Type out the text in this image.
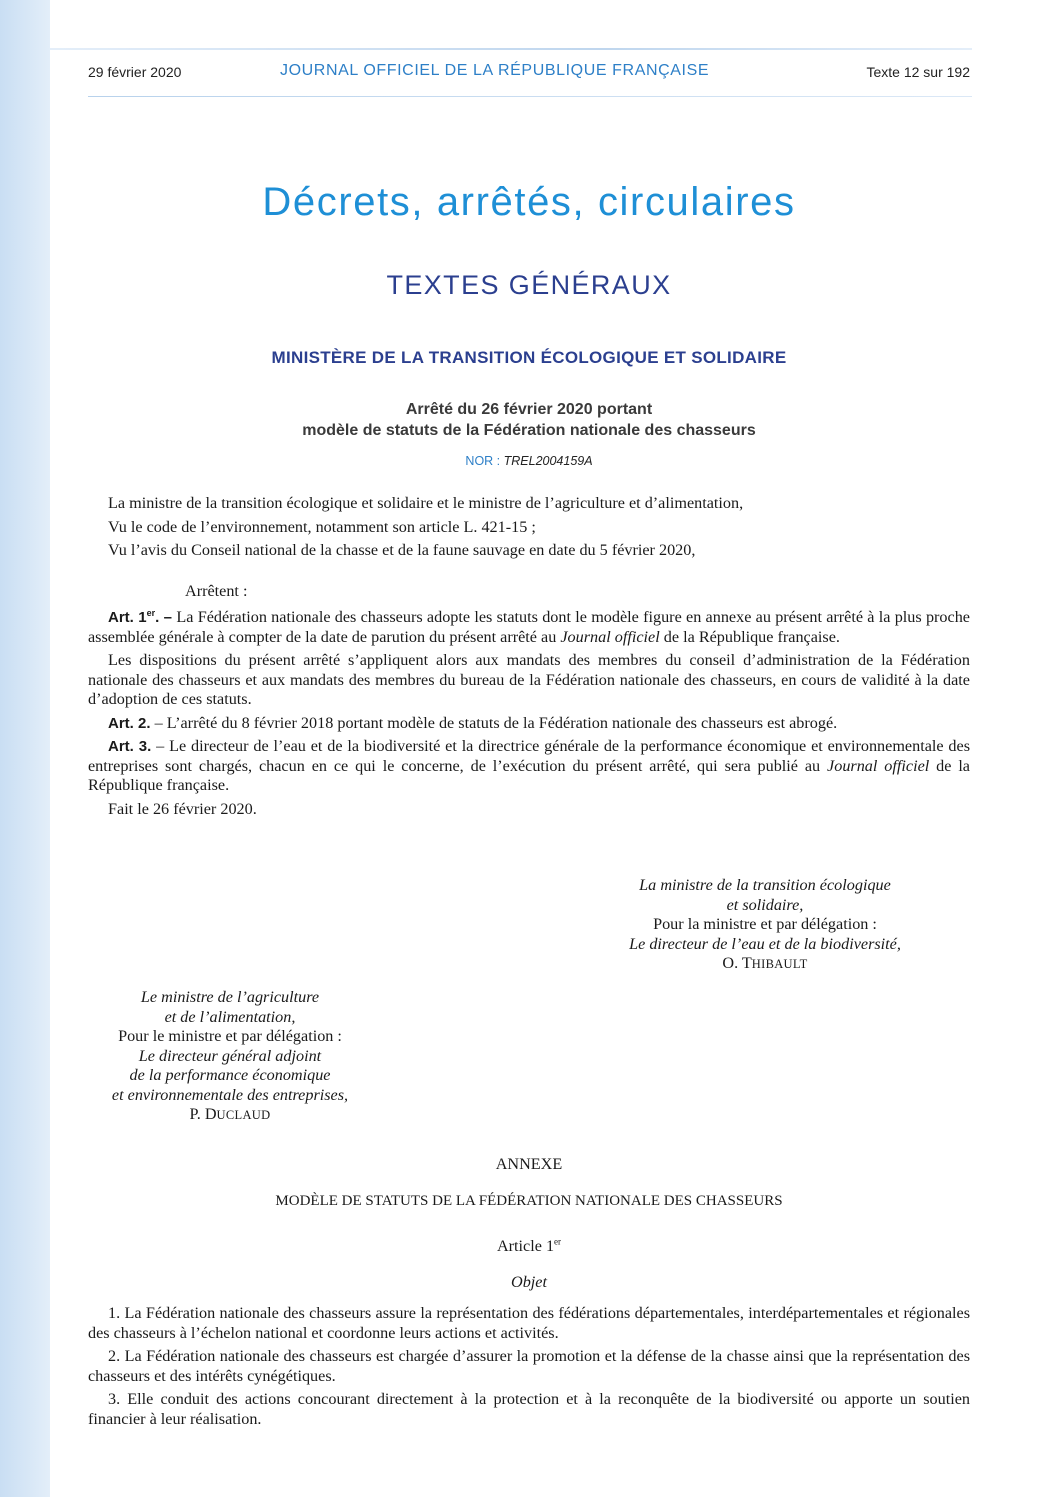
29 février 2020	JOURNAL OFFICIEL DE LA RÉPUBLIQUE FRANÇAISE	Texte 12 sur 192
Décrets, arrêtés, circulaires
TEXTES GÉNÉRAUX
MINISTÈRE DE LA TRANSITION ÉCOLOGIQUE ET SOLIDAIRE
Arrêté du 26 février 2020 portant
modèle de statuts de la Fédération nationale des chasseurs
NOR : TREL2004159A

La ministre de la transition écologique et solidaire et le ministre de l’agriculture et d’alimentation,

Vu le code de l’environnement, notamment son article L. 421-15 ;

Vu l’avis du Conseil national de la chasse et de la faune sauvage en date du 5 février 2020,

Arrêtent :

Art. 1er. – La Fédération nationale des chasseurs adopte les statuts dont le modèle figure en annexe au présent arrêté à la plus proche assemblée générale à compter de la date de parution du présent arrêté au Journal officiel de la République française.

Les dispositions du présent arrêté s’appliquent alors aux mandats des membres du conseil d’administration de la Fédération nationale des chasseurs et aux mandats des membres du bureau de la Fédération nationale des chasseurs, en cours de validité à la date d’adoption de ces statuts.

Art. 2. – L’arrêté du 8 février 2018 portant modèle de statuts de la Fédération nationale des chasseurs est abrogé.

Art. 3. – Le directeur de l’eau et de la biodiversité et la directrice générale de la performance économique et environnementale des entreprises sont chargés, chacun en ce qui le concerne, de l’exécution du présent arrêté, qui sera publié au Journal officiel de la République française.

Fait le 26 février 2020.

La ministre de la transition écologique
et solidaire,
Pour la ministre et par délégation :
Le directeur de l’eau et de la biodiversité,
O. THIBAULT
Le ministre de l’agriculture
et de l’alimentation,
Pour le ministre et par délégation :
Le directeur général adjoint
de la performance économique
et environnementale des entreprises,
P. DUCLAUD
ANNEXE
MODÈLE DE STATUTS DE LA FÉDÉRATION NATIONALE DES CHASSEURS
Article 1er
Objet

1. La Fédération nationale des chasseurs assure la représentation des fédérations départementales, interdépartementales et régionales des chasseurs à l’échelon national et coordonne leurs actions et activités.

2. La Fédération nationale des chasseurs est chargée d’assurer la promotion et la défense de la chasse ainsi que la représentation des chasseurs et des intérêts cynégétiques.

3. Elle conduit des actions concourant directement à la protection et à la reconquête de la biodiversité ou apporte un soutien financier à leur réalisation.
